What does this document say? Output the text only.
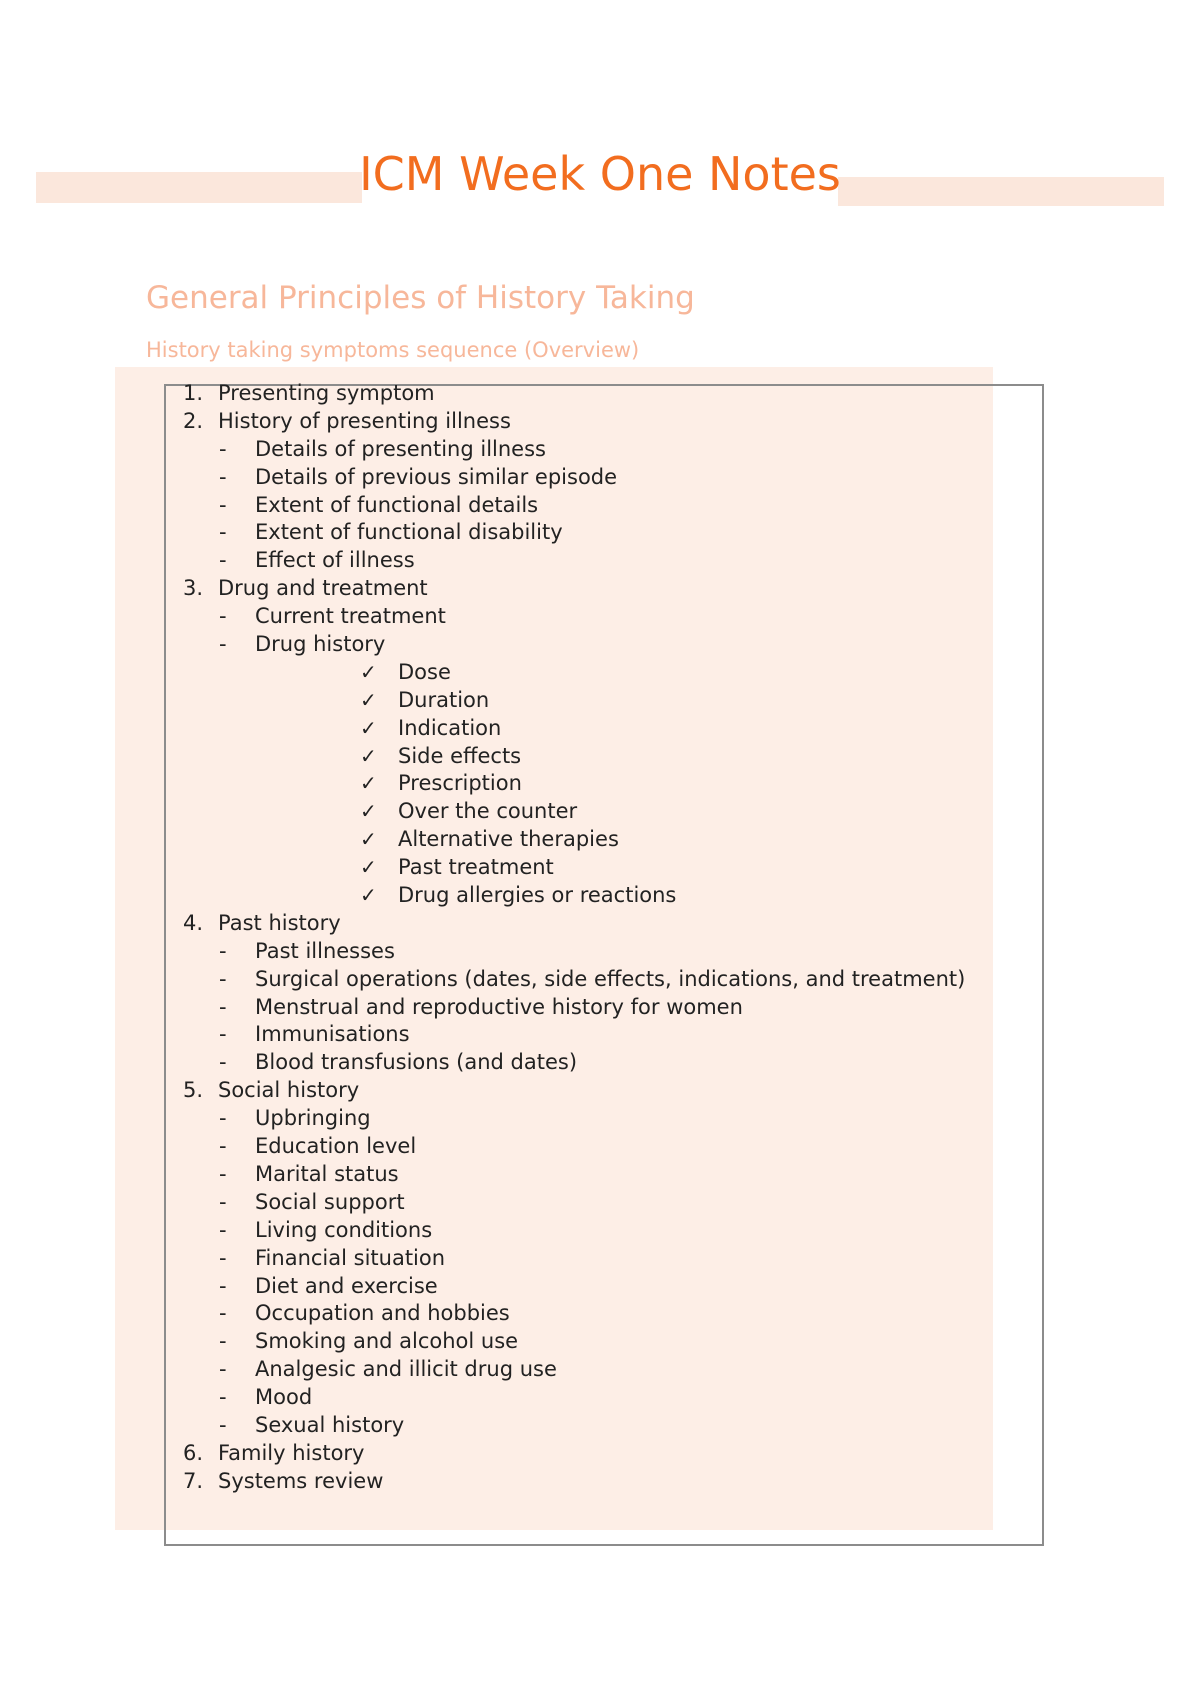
ICM Week One Notes
General Principles of History Taking
History taking symptoms sequence (Overview)
1. Presenting symptom
2. History of presenting illness
- Details of presenting illness
- Details of previous similar episode
- Extent of functional details
- Extent of functional disability
- Effect of illness
3. Drug and treatment
- Current treatment
- Drug history
✓ Dose
✓ Duration
✓ Indication
✓ Side effects
✓ Prescription
✓ Over the counter
✓ Alternative therapies
✓ Past treatment
✓ Drug allergies or reactions
4. Past history
- Past illnesses
- Surgical operations (dates, side effects, indications, and treatment)
- Menstrual and reproductive history for women
- Immunisations
- Blood transfusions (and dates)
5. Social history
- Upbringing
- Education level
- Marital status
- Social support
- Living conditions
- Financial situation
- Diet and exercise
- Occupation and hobbies
- Smoking and alcohol use
- Analgesic and illicit drug use
- Mood
- Sexual history
6. Family history
7. Systems review
